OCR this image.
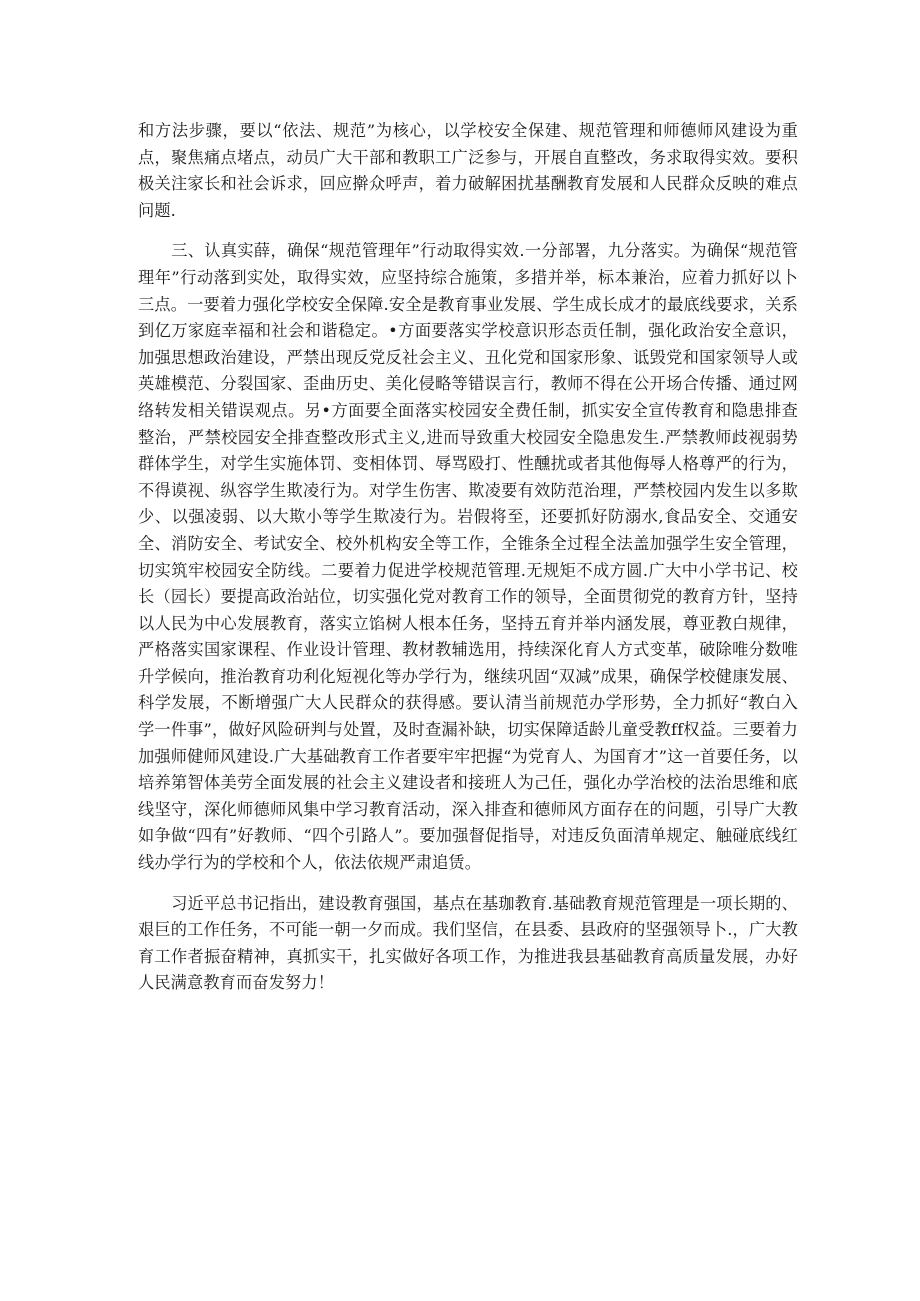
和方法步骤，要以“依法、规范”为核心，以学校安全保建、规范管理和师德师风建设为重点，聚焦痛点堵点，动员广大干部和教职工广泛参与，开展自直整改，务求取得实效。要积极关注家长和社会诉求，回应擀众呼声，着力破解困扰基酬教育发展和人民群众反映的难点问题.

三、认真实薛，确保“规范管理年”行动取得实效.一分部署，九分落实。为确保“规范管理年”行动落到实处，取得实效，应坚持综合施策，多措并举，标本兼治，应着力抓好以卜三点。一要着力强化学校安全保障.安全是教育事业发展、学生成长成才的最底线要求，关系到亿万家庭幸福和社会和谐稳定。•方面要落实学校意识形态贡任制，强化政治安全意识，加强思想政治建设，严禁出现反党反社会主义、丑化党和国家形象、诋毁党和国家领导人或英雄模范、分裂国家、歪曲历史、美化侵略等错误言行，教师不得在公开场合传播、通过网络转发相关错误观点。另•方面要全面落实校园安全费任制，抓实安全宣传教育和隐患排查整治，严禁校园安全排查整改形式主义,进而导致重大校园安全隐患发生.严禁教师歧视弱势群体学生，对学生实施体罚、变相体罚、辱骂殴打、性醺扰或者其他侮辱人格尊严的行为，不得谟视、纵容学生欺凌行为。对学生伤害、欺凌要有效防范治理，严禁校园内发生以多欺少、以强凌弱、以大欺小等学生欺凌行为。岩假将至，还要抓好防溺水,食品安全、交通安全、消防安全、考试安全、校外机构安全等工作，全锥条全过程全法盖加强学生安全管理，切实筑牢校园安全防线。二要着力促进学校规范管理.无规矩不成方圆.广大中小学书记、校长（园长）要提高政治站位，切实强化党对教育工作的领导，全面贯彻党的教育方针，坚持以人民为中心发展教育，落实立馅树人根本任务，坚持五育并举内涵发展，尊亚教白规律，严格落实国家课程、作业设计管理、教材教辅选用，持续深化育人方式变革，破除唯分数唯升学候向，推治教育功利化短视化等办学行为，继续巩固“双减”成果，确保学校健康发展、科学发展，不断增强广大人民群众的获得感。要认清当前规范办学形势，全力抓好“教白入学一件事”，做好风险研判与处置，及时查漏补缺，切实保障适龄儿童受教ff权益。三要着力加强师健师风建设.广大基础教育工作者要牢牢把握“为党育人、为国育才”这一首要任务，以培养第智体美劳全面发展的社会主义建设者和接班人为己任，强化办学治校的法治思维和底线坚守，深化师德师风集中学习教育活动，深入排查和德师风方面存在的问题，引导广大教如争做“四有”好教师、“四个引路人”。要加强督促指导，对违反负面清单规定、触碰底线红线办学行为的学校和个人，依法依规严肃追赁。

习近平总书记指出，建设教育强国，基点在基珈教育.基础教育规范管理是一项长期的、艰巨的工作任务，不可能一朝一夕而成。我们坚信，在县委、县政府的坚强领导卜.，广大教育工作者振奋精神，真抓实干，扎实做好各项工作，为推进我县基础教育高质量发展，办好人民满意教育而奋发努力！
